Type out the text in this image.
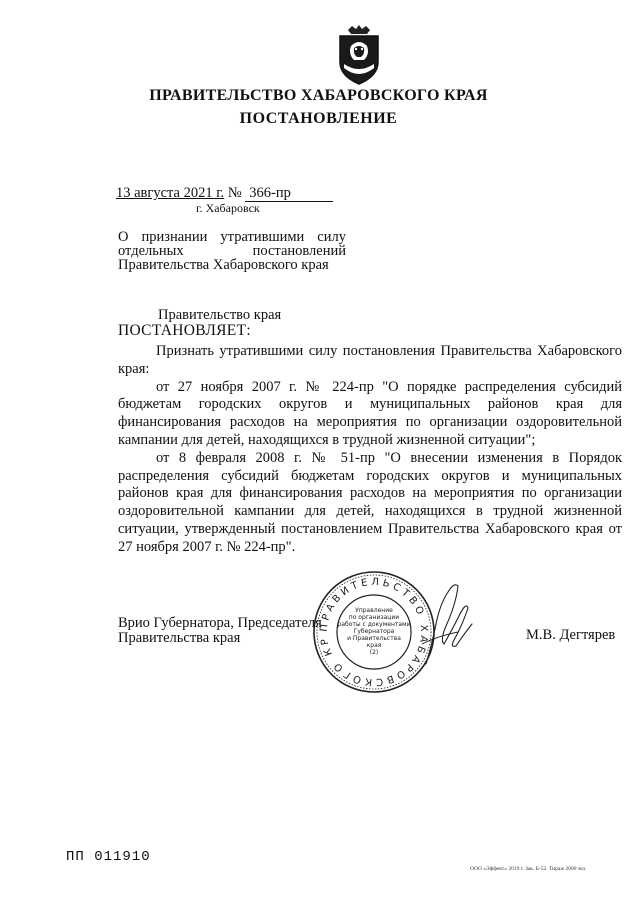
ПРАВИТЕЛЬСТВО ХАБАРОВСКОГО КРАЯ
ПОСТАНОВЛЕНИЕ
13 августа 2021 г. № 366-пр
г. Хабаровск
О признании утратившими силу
отдельных постановлений
Правительства Хабаровского края
Правительство края
ПОСТАНОВЛЯЕТ:

Признать утратившими силу постановления Правительства Хабаровского края:

от 27 ноября 2007 г. № 224-пр "О порядке распределения субсидий бюджетам городских округов и муниципальных районов края для финансирования расходов на мероприятия по организации оздоровительной кампании для детей, находящихся в трудной жизненной ситуации";

от 8 февраля 2008 г. № 51-пр "О внесении изменения в Порядок распределения субсидий бюджетам городских округов и муниципальных районов края для финансирования расходов на мероприятия по организации оздоровительной кампании для детей, находящихся в трудной жизненной ситуации, утвержденный постановлением Правительства Хабаровского края от 27 ноября 2007 г. № 224-пр".

Врио Губернатора, Председателя
Правительства края	М.В. Дегтярев
ПРАВИТЕЛЬСТВО ХАБАРОВСКОГО КР
Управление
по организации
работы с документами
Губернатора
и Правительства
края
(2)
ПП 011910
ООО «Эффект» 2019 г. Зак. Б-52. Тираж 2000 экз.
